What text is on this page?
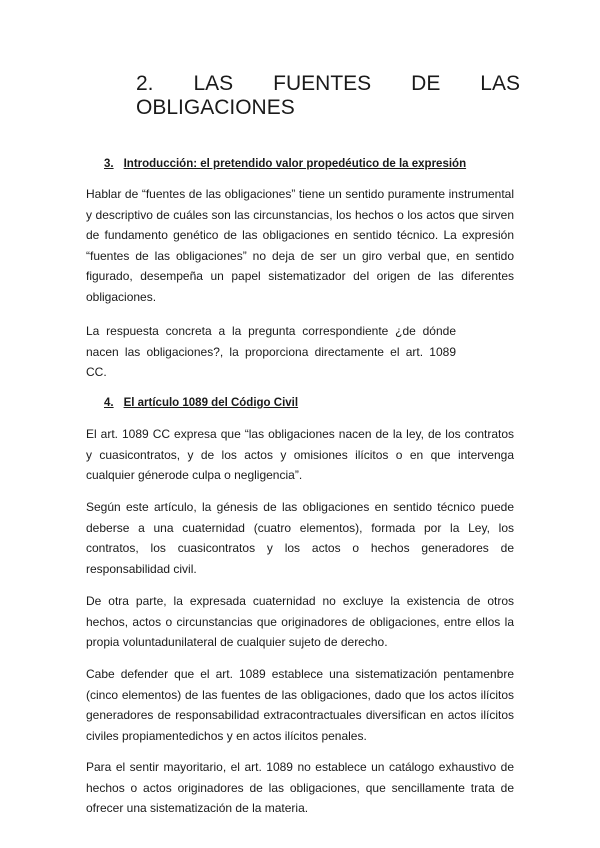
2. LAS FUENTES DE LAS
OBLIGACIONES
3. Introducción: el pretendido valor propedéutico de la expresión

Hablar de “fuentes de las obligaciones” tiene un sentido puramente instrumental y descriptivo de cuáles son las circunstancias, los hechos o los actos que sirven de fundamento genético de las obligaciones en sentido técnico. La expresión “fuentes de las obligaciones” no deja de ser un giro verbal que, en sentido figurado, desempeña un papel sistematizador del origen de las diferentes obligaciones.

La respuesta concreta a la pregunta correspondiente ¿de dónde nacen las obligaciones?, la proporciona directamente el art. 1089 CC.

4. El artículo 1089 del Código Civil

El art. 1089 CC expresa que “las obligaciones nacen de la ley, de los contratos y cuasicontratos, y de los actos y omisiones ilícitos o en que intervenga cualquier génerode culpa o negligencia”.

Según este artículo, la génesis de las obligaciones en sentido técnico puede deberse a una cuaternidad (cuatro elementos), formada por la Ley, los contratos, los cuasicontratos y los actos o hechos generadores de responsabilidad civil.

De otra parte, la expresada cuaternidad no excluye la existencia de otros hechos, actos o circunstancias que originadores de obligaciones, entre ellos la propia voluntadunilateral de cualquier sujeto de derecho.

Cabe defender que el art. 1089 establece una sistematización pentamenbre (cinco elementos) de las fuentes de las obligaciones, dado que los actos ilícitos generadores de responsabilidad extracontractuales diversifican en actos ilícitos civiles propiamentedichos y en actos ilícitos penales.

Para el sentir mayoritario, el art. 1089 no establece un catálogo exhaustivo de hechos o actos originadores de las obligaciones, que sencillamente trata de ofrecer una sistematización de la materia.
